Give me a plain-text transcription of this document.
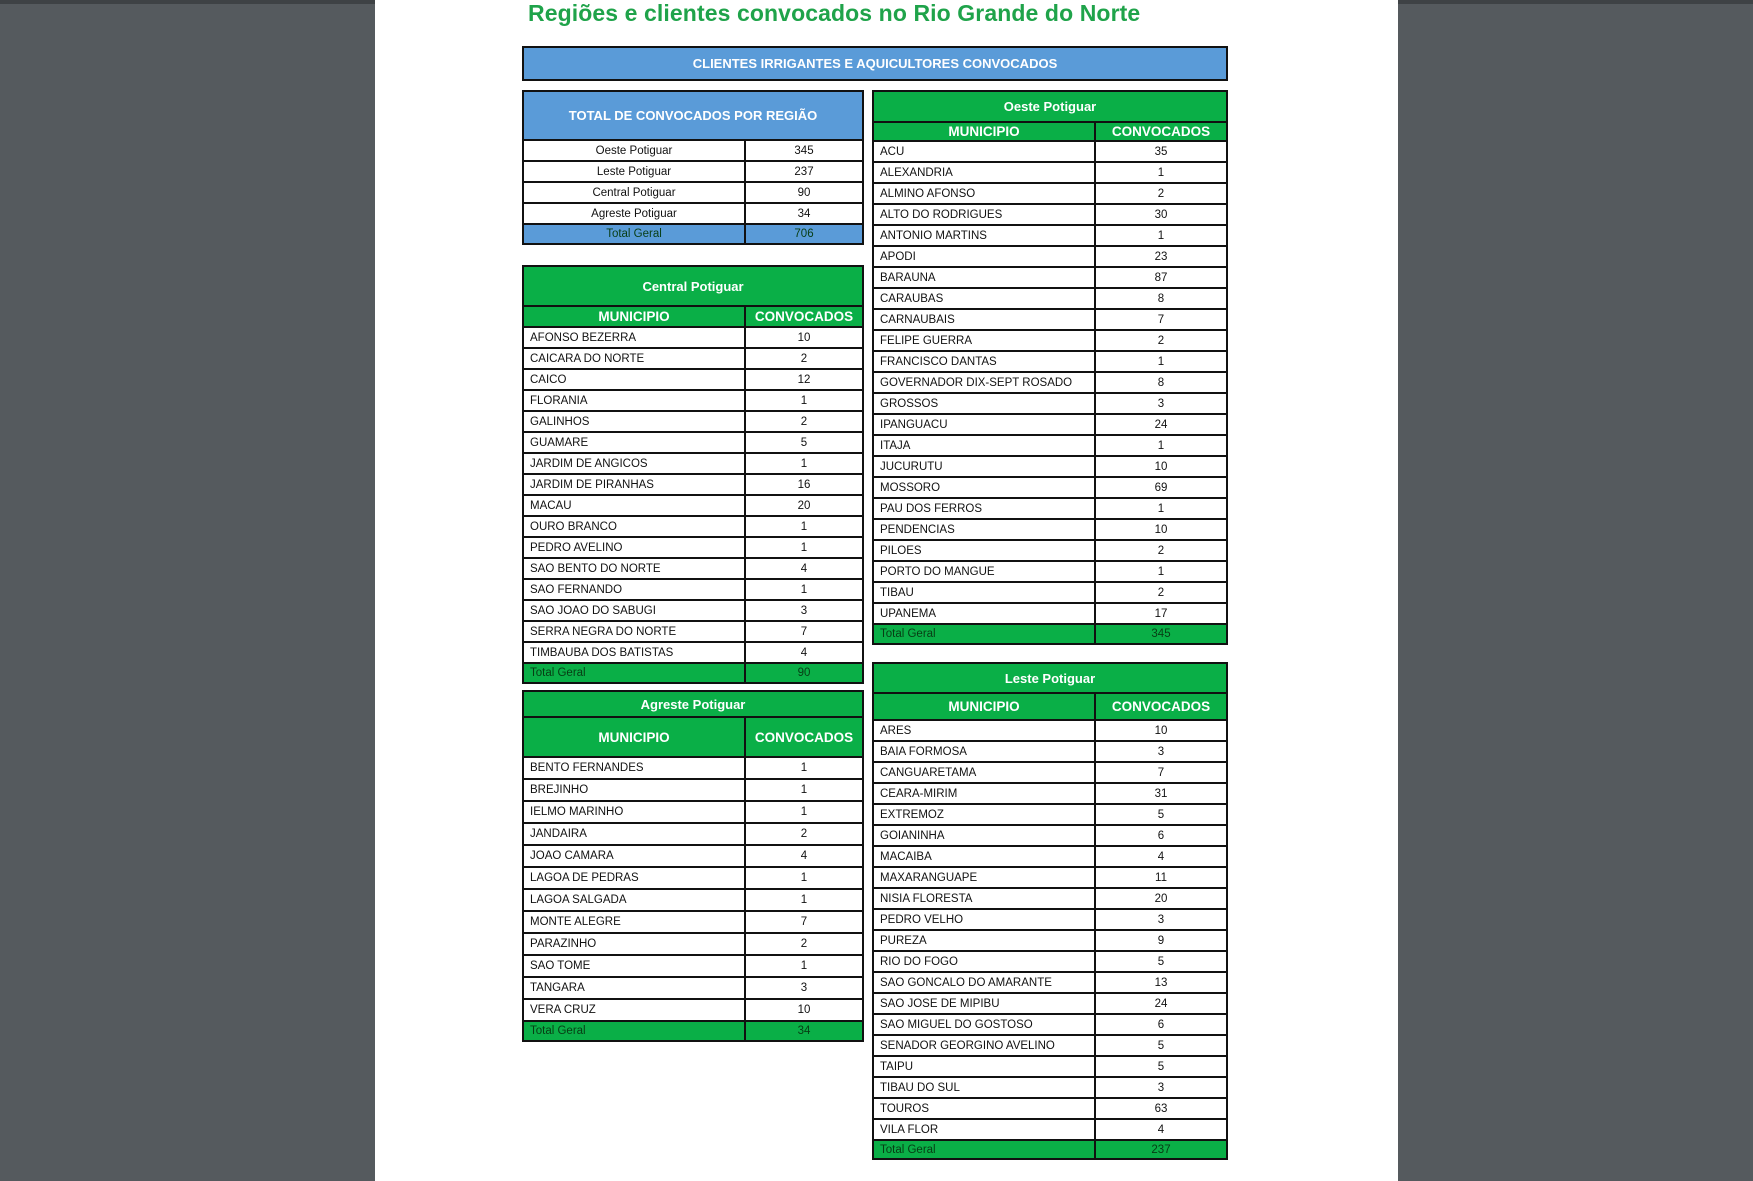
Regiões e clientes convocados no Rio Grande do Norte
CLIENTES IRRIGANTES E AQUICULTORES CONVOCADOS
TOTAL DE CONVOCADOS POR REGIÃO	
Oeste Potiguar	345
Leste Potiguar	237
Central Potiguar	90
Agreste Potiguar	34
Total Geral	706
Central Potiguar	
MUNICIPIO	CONVOCADOS
AFONSO BEZERRA	10
CAICARA DO NORTE	2
CAICO	12
FLORANIA	1
GALINHOS	2
GUAMARE	5
JARDIM DE ANGICOS	1
JARDIM DE PIRANHAS	16
MACAU	20
OURO BRANCO	1
PEDRO AVELINO	1
SAO BENTO DO NORTE	4
SAO FERNANDO	1
SAO JOAO DO SABUGI	3
SERRA NEGRA DO NORTE	7
TIMBAUBA DOS BATISTAS	4
Total Geral	90
Agreste Potiguar	
MUNICIPIO	CONVOCADOS
BENTO FERNANDES	1
BREJINHO	1
IELMO MARINHO	1
JANDAIRA	2
JOAO CAMARA	4
LAGOA DE PEDRAS	1
LAGOA SALGADA	1
MONTE ALEGRE	7
PARAZINHO	2
SAO TOME	1
TANGARA	3
VERA CRUZ	10
Total Geral	34
Oeste Potiguar	
MUNICIPIO	CONVOCADOS
ACU	35
ALEXANDRIA	1
ALMINO AFONSO	2
ALTO DO RODRIGUES	30
ANTONIO MARTINS	1
APODI	23
BARAUNA	87
CARAUBAS	8
CARNAUBAIS	7
FELIPE GUERRA	2
FRANCISCO DANTAS	1
GOVERNADOR DIX-SEPT ROSADO	8
GROSSOS	3
IPANGUACU	24
ITAJA	1
JUCURUTU	10
MOSSORO	69
PAU DOS FERROS	1
PENDENCIAS	10
PILOES	2
PORTO DO MANGUE	1
TIBAU	2
UPANEMA	17
Total Geral	345
Leste Potiguar	
MUNICIPIO	CONVOCADOS
ARES	10
BAIA FORMOSA	3
CANGUARETAMA	7
CEARA-MIRIM	31
EXTREMOZ	5
GOIANINHA	6
MACAIBA	4
MAXARANGUAPE	11
NISIA FLORESTA	20
PEDRO VELHO	3
PUREZA	9
RIO DO FOGO	5
SAO GONCALO DO AMARANTE	13
SAO JOSE DE MIPIBU	24
SAO MIGUEL DO GOSTOSO	6
SENADOR GEORGINO AVELINO	5
TAIPU	5
TIBAU DO SUL	3
TOUROS	63
VILA FLOR	4
Total Geral	237
